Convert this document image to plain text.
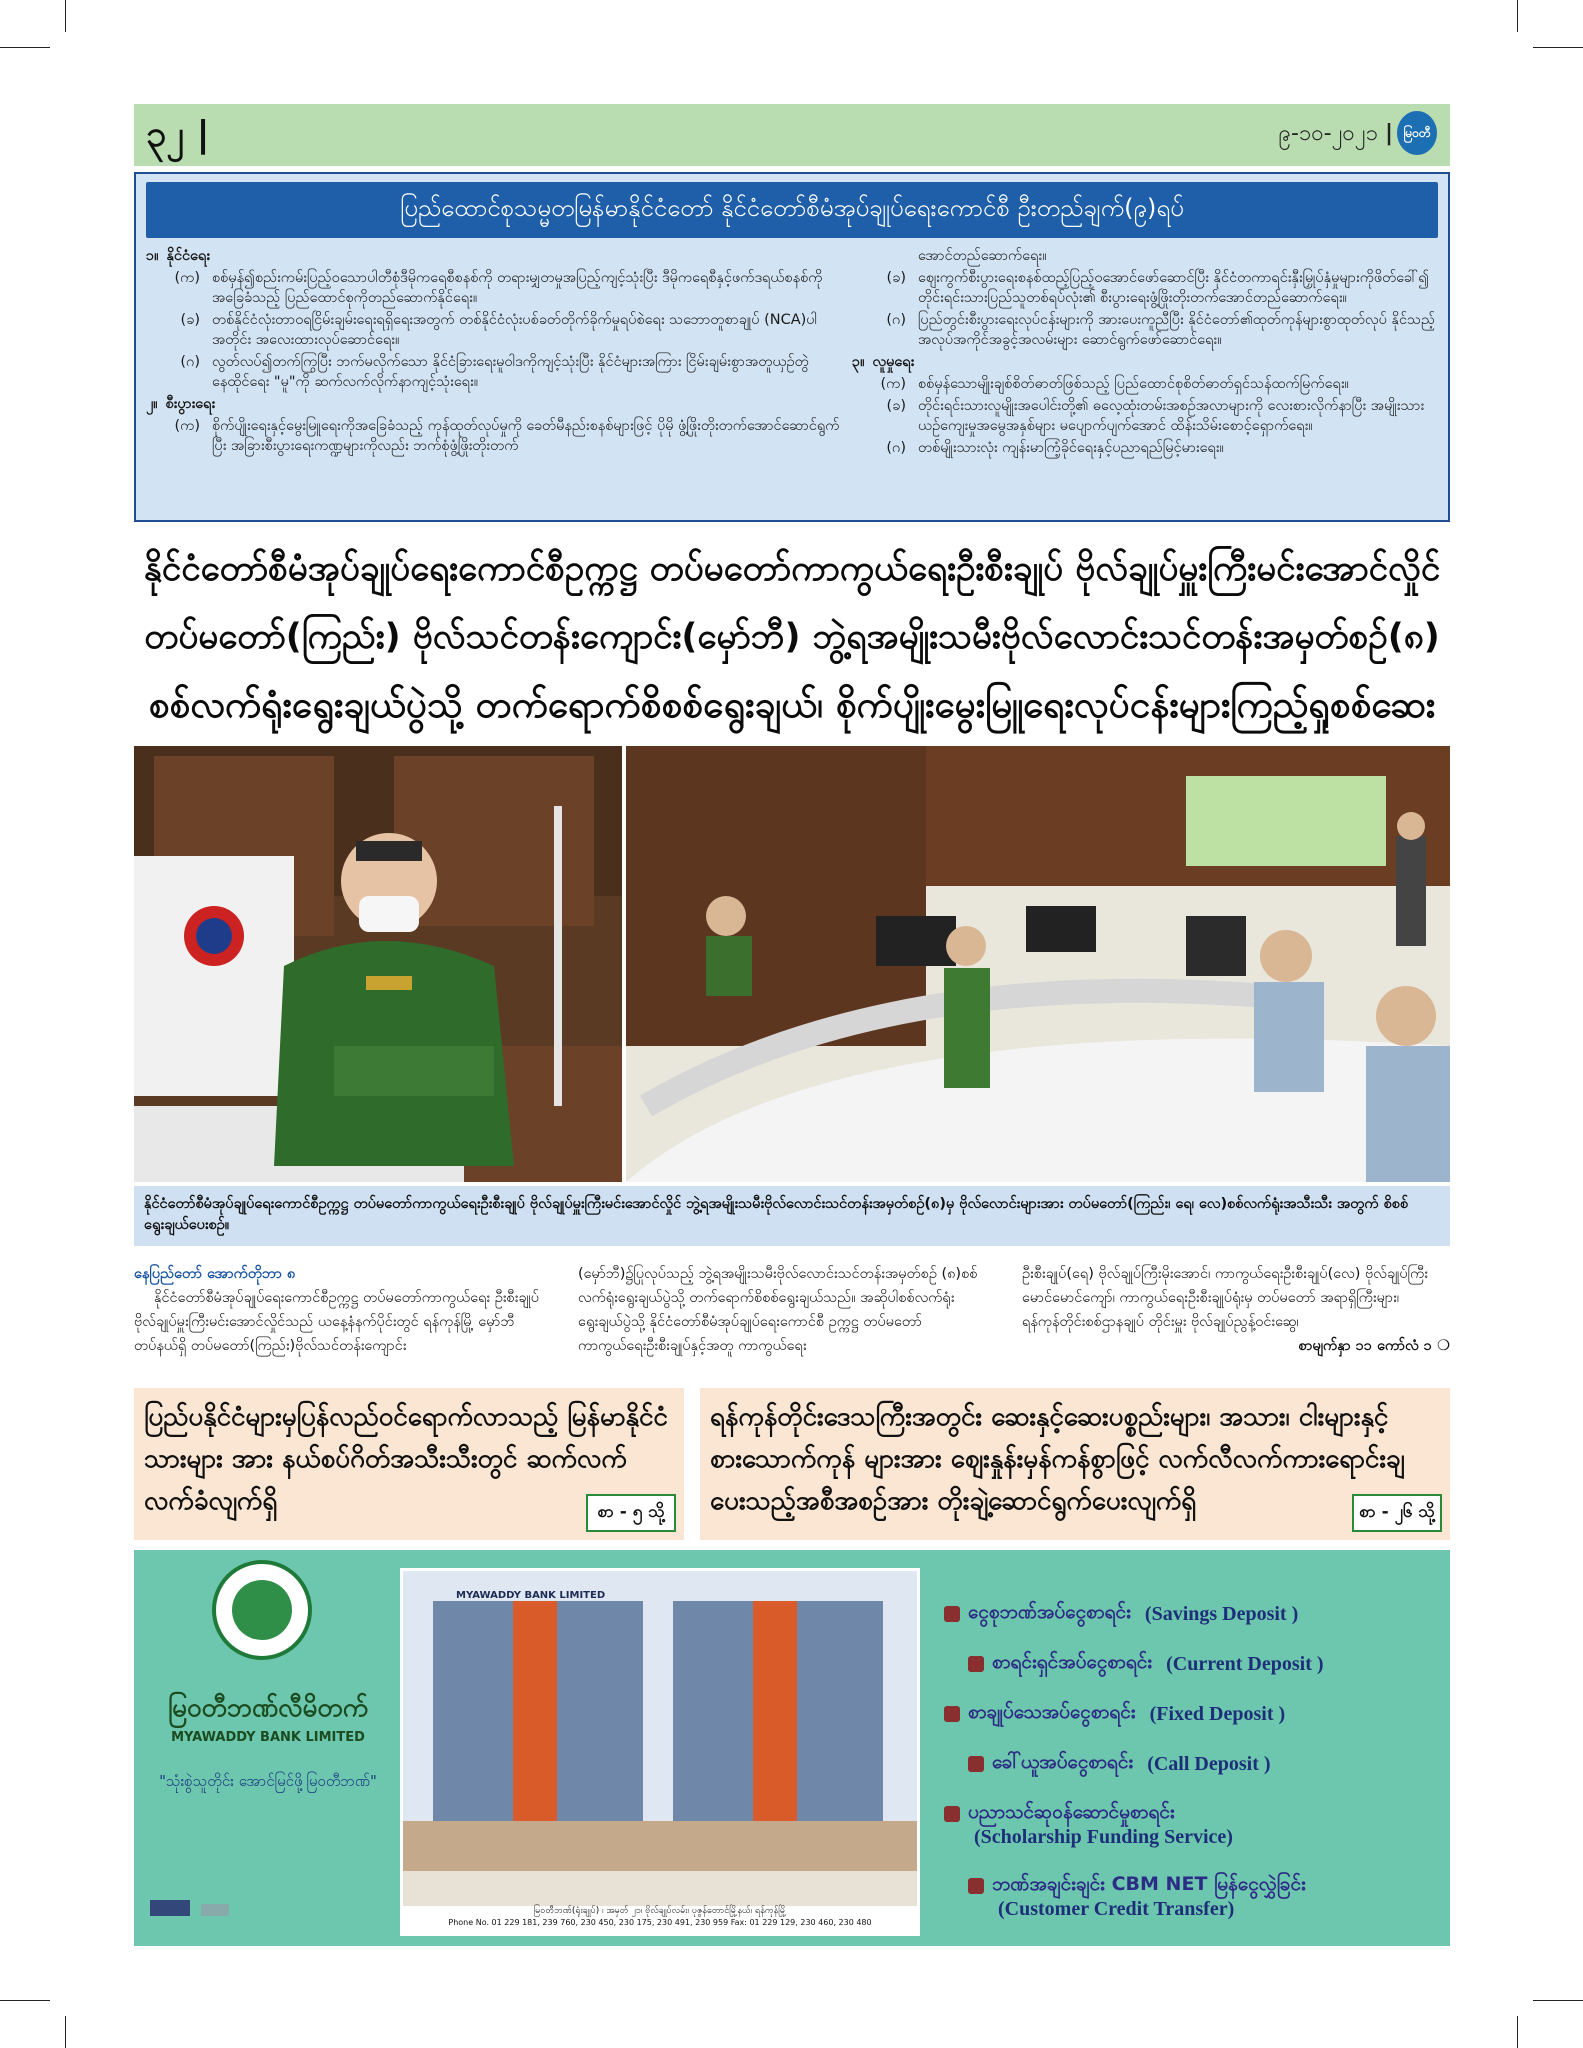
၃၂ |	၉-၁၀-၂၀၂၁ | မြဝတီ
ပြည်ထောင်စုသမ္မတမြန်မာနိုင်ငံတော် နိုင်ငံတော်စီမံအုပ်ချုပ်ရေးကောင်စီ ဦးတည်ချက်(၉)ရပ်
၁။ နိုင်ငံရေး
(က) စစ်မှန်၍စည်းကမ်းပြည့်ဝသောပါတီစုံဒီမိုကရေစီစနစ်ကို တရားမျှတမှုအပြည့်ကျင့်သုံးပြီး ဒီမိုကရေစီနှင့်ဖက်ဒရယ်စနစ်ကိုအခြေခံသည့် ပြည်ထောင်စုကိုတည်ဆောက်နိုင်ရေး။
(ခ) တစ်နိုင်ငံလုံးတာဝရငြိမ်းချမ်းရေးရရှိရေးအတွက် တစ်နိုင်ငံလုံးပစ်ခတ်တိုက်ခိုက်မှုရပ်စဲရေး သဘောတူစာချုပ် (NCA)ပါအတိုင်း အလေးထားလုပ်ဆောင်ရေး။
(ဂ) လွတ်လပ်၍တက်ကြွပြီး ဘက်မလိုက်သော နိုင်ငံခြားရေးမူဝါဒကိုကျင့်သုံးပြီး နိုင်ငံများအကြား ငြိမ်းချမ်းစွာအတူယှဉ်တွဲနေထိုင်ရေး "မူ"ကို ဆက်လက်လိုက်နာကျင့်သုံးရေး။
၂။ စီးပွားရေး
(က) စိုက်ပျိုးရေးနှင့်မွေးမြူရေးကိုအခြေခံသည့် ကုန်ထုတ်လုပ်မှုကို ခေတ်မီနည်းစနစ်များဖြင့် ပိုမို ဖွံ့ဖြိုးတိုးတက်အောင်ဆောင်ရွက်ပြီး အခြားစီးပွားရေးကဏ္ဍများကိုလည်း ဘက်စုံဖွံ့ဖြိုးတိုးတက်
အောင်တည်ဆောက်ရေး။
(ခ) ဈေးကွက်စီးပွားရေးစနစ်ထည့်ပြည့်ဝအောင်ဖော်ဆောင်ပြီး နိုင်ငံတကာရင်းနှီးမြှုပ်နှံမှုများကိုဖိတ်ခေါ်၍ တိုင်းရင်းသားပြည်သူတစ်ရပ်လုံး၏ စီးပွားရေးဖွံ့ဖြိုးတိုးတက်အောင်တည်ဆောက်ရေး။
(ဂ) ပြည်တွင်းစီးပွားရေးလုပ်ငန်းများကို အားပေးကူညီပြီး နိုင်ငံတော်၏ထုတ်ကုန်များစွာထုတ်လုပ် နိုင်သည့် အလုပ်အကိုင်အခွင့်အလမ်းများ ဆောင်ရွက်ဖော်ဆောင်ရေး။
၃။ လူမှုရေး
(က) စစ်မှန်သောမျိုးချစ်စိတ်ဓာတ်ဖြစ်သည့် ပြည်ထောင်စုစိတ်ဓာတ်ရှင်သန်ထက်မြက်ရေး။
(ခ) တိုင်းရင်းသားလူမျိုးအပေါင်းတို့၏ ဓလေ့ထုံးတမ်းအစဉ်အလာများကို လေးစားလိုက်နာပြီး အမျိုးသားယဉ်ကျေးမှုအမွေအနှစ်များ မပျောက်ပျက်အောင် ထိန်းသိမ်းစောင့်ရှောက်ရေး။
(ဂ) တစ်မျိုးသားလုံး ကျန်းမာကြံ့ခိုင်ရေးနှင့်ပညာရည်မြင့်မားရေး။
နိုင်ငံတော်စီမံအုပ်ချုပ်ရေးကောင်စီဥက္ကဋ္ဌ တပ်မတော်ကာကွယ်ရေးဦးစီးချုပ် ဗိုလ်ချုပ်မှူးကြီးမင်းအောင်လှိုင်
တပ်မတော်(ကြည်း) ဗိုလ်သင်တန်းကျောင်း(မှော်ဘီ) ဘွဲ့ရအမျိုးသမီးဗိုလ်လောင်းသင်တန်းအမှတ်စဉ်(၈)
စစ်လက်ရုံးရွေးချယ်ပွဲသို့ တက်ရောက်စိစစ်ရွေးချယ်၊ စိုက်ပျိုးမွေးမြူရေးလုပ်ငန်းများကြည့်ရှုစစ်ဆေး
နိုင်ငံတော်စီမံအုပ်ချုပ်ရေးကောင်စီဥက္ကဋ္ဌ တပ်မတော်ကာကွယ်ရေးဦးစီးချုပ် ဗိုလ်ချုပ်မှူးကြီးမင်းအောင်လှိုင် ဘွဲ့ရအမျိုးသမီးဗိုလ်လောင်းသင်တန်းအမှတ်စဉ်(၈)မှ ဗိုလ်လောင်းများအား တပ်မတော်(ကြည်း၊ ရေ၊ လေ)စစ်လက်ရုံးအသီးသီး အတွက် စိစစ်ရွေးချယ်ပေးစဉ်။
နေပြည်တော် အောက်တိုဘာ ၈
နိုင်ငံတော်စီမံအုပ်ချုပ်ရေးကောင်စီဥက္ကဋ္ဌ တပ်မတော်ကာကွယ်ရေး ဦးစီးချုပ် ဗိုလ်ချုပ်မှူးကြီးမင်းအောင်လှိုင်သည် ယနေ့နံနက်ပိုင်းတွင် ရန်ကုန်မြို့ မှော်ဘီတပ်နယ်ရှိ တပ်မတော်(ကြည်း)ဗိုလ်သင်တန်းကျောင်း
(မှော်ဘီ)၌ပြုလုပ်သည့် ဘွဲ့ရအမျိုးသမီးဗိုလ်လောင်းသင်တန်းအမှတ်စဉ် (၈)စစ်လက်ရုံးရွေးချယ်ပွဲသို့ တက်ရောက်စိစစ်ရွေးချယ်သည်။ အဆိုပါစစ်လက်ရုံးရွေးချယ်ပွဲသို့ နိုင်ငံတော်စီမံအုပ်ချုပ်ရေးကောင်စီ ဥက္ကဋ္ဌ တပ်မတော်ကာကွယ်ရေးဦးစီးချုပ်နှင့်အတူ ကာကွယ်ရေး
ဦးစီးချုပ်(ရေ) ဗိုလ်ချုပ်ကြီးမိုးအောင်၊ ကာကွယ်ရေးဦးစီးချုပ်(လေ) ဗိုလ်ချုပ်ကြီးမောင်မောင်ကျော်၊ ကာကွယ်ရေးဦးစီးချုပ်ရုံးမှ တပ်မတော် အရာရှိကြီးများ၊ ရန်ကုန်တိုင်းစစ်ဌာနချုပ် တိုင်းမှူး ဗိုလ်ချုပ်ညွန့်ဝင်းဆွေ၊
စာမျက်နှာ ၁၁ ကော်လံ ၁ ❍
ပြည်ပနိုင်ငံများမှပြန်လည်ဝင်ရောက်လာသည့် မြန်မာနိုင်ငံသားများ အား နယ်စပ်ဂိတ်အသီးသီးတွင် ဆက်လက်လက်ခံလျက်ရှိ	စာ - ၅ သို့
ရန်ကုန်တိုင်းဒေသကြီးအတွင်း ဆေးနှင့်ဆေးပစ္စည်းများ၊ အသား၊ ငါးများနှင့်စားသောက်ကုန် များအား ဈေးနှုန်းမှန်ကန်စွာဖြင့် လက်လီလက်ကားရောင်းချပေးသည့်အစီအစဉ်အား တိုးချဲ့ဆောင်ရွက်ပေးလျက်ရှိ	စာ - ၂၆ သို့
မြဝတီဘဏ်လီမိတက်
MYAWADDY BANK LIMITED
"သုံးစွဲသူတိုင်း အောင်မြင်ဖို့မြဝတီဘဏ်"

MYAWADDY BANK LIMITED
မြဝတီဘဏ်(ရုံးချုပ်) ၊ အမှတ် ၂၁၊ ဗိုလ်ချုပ်လမ်း၊ ပုဇွန်တောင်မြို့နယ်၊ ရန်ကုန်မြို့
Phone No. 01 229 181, 239 760, 230 450, 230 175, 230 491, 230 959 Fax: 01 229 129, 230 460, 230 480
ငွေစုဘဏ်အပ်ငွေစာရင်း (Savings Deposit )
စာရင်းရှင်အပ်ငွေစာရင်း (Current Deposit )
စာချုပ်သေအပ်ငွေစာရင်း (Fixed Deposit )
ခေါ်ယူအပ်ငွေစာရင်း (Call Deposit )
ပညာသင်ဆုဝန်ဆောင်မှုစာရင်း
(Scholarship Funding Service)
ဘဏ်အချင်းချင်း CBM NET မြန်ငွေလွှဲခြင်း
(Customer Credit Transfer)
